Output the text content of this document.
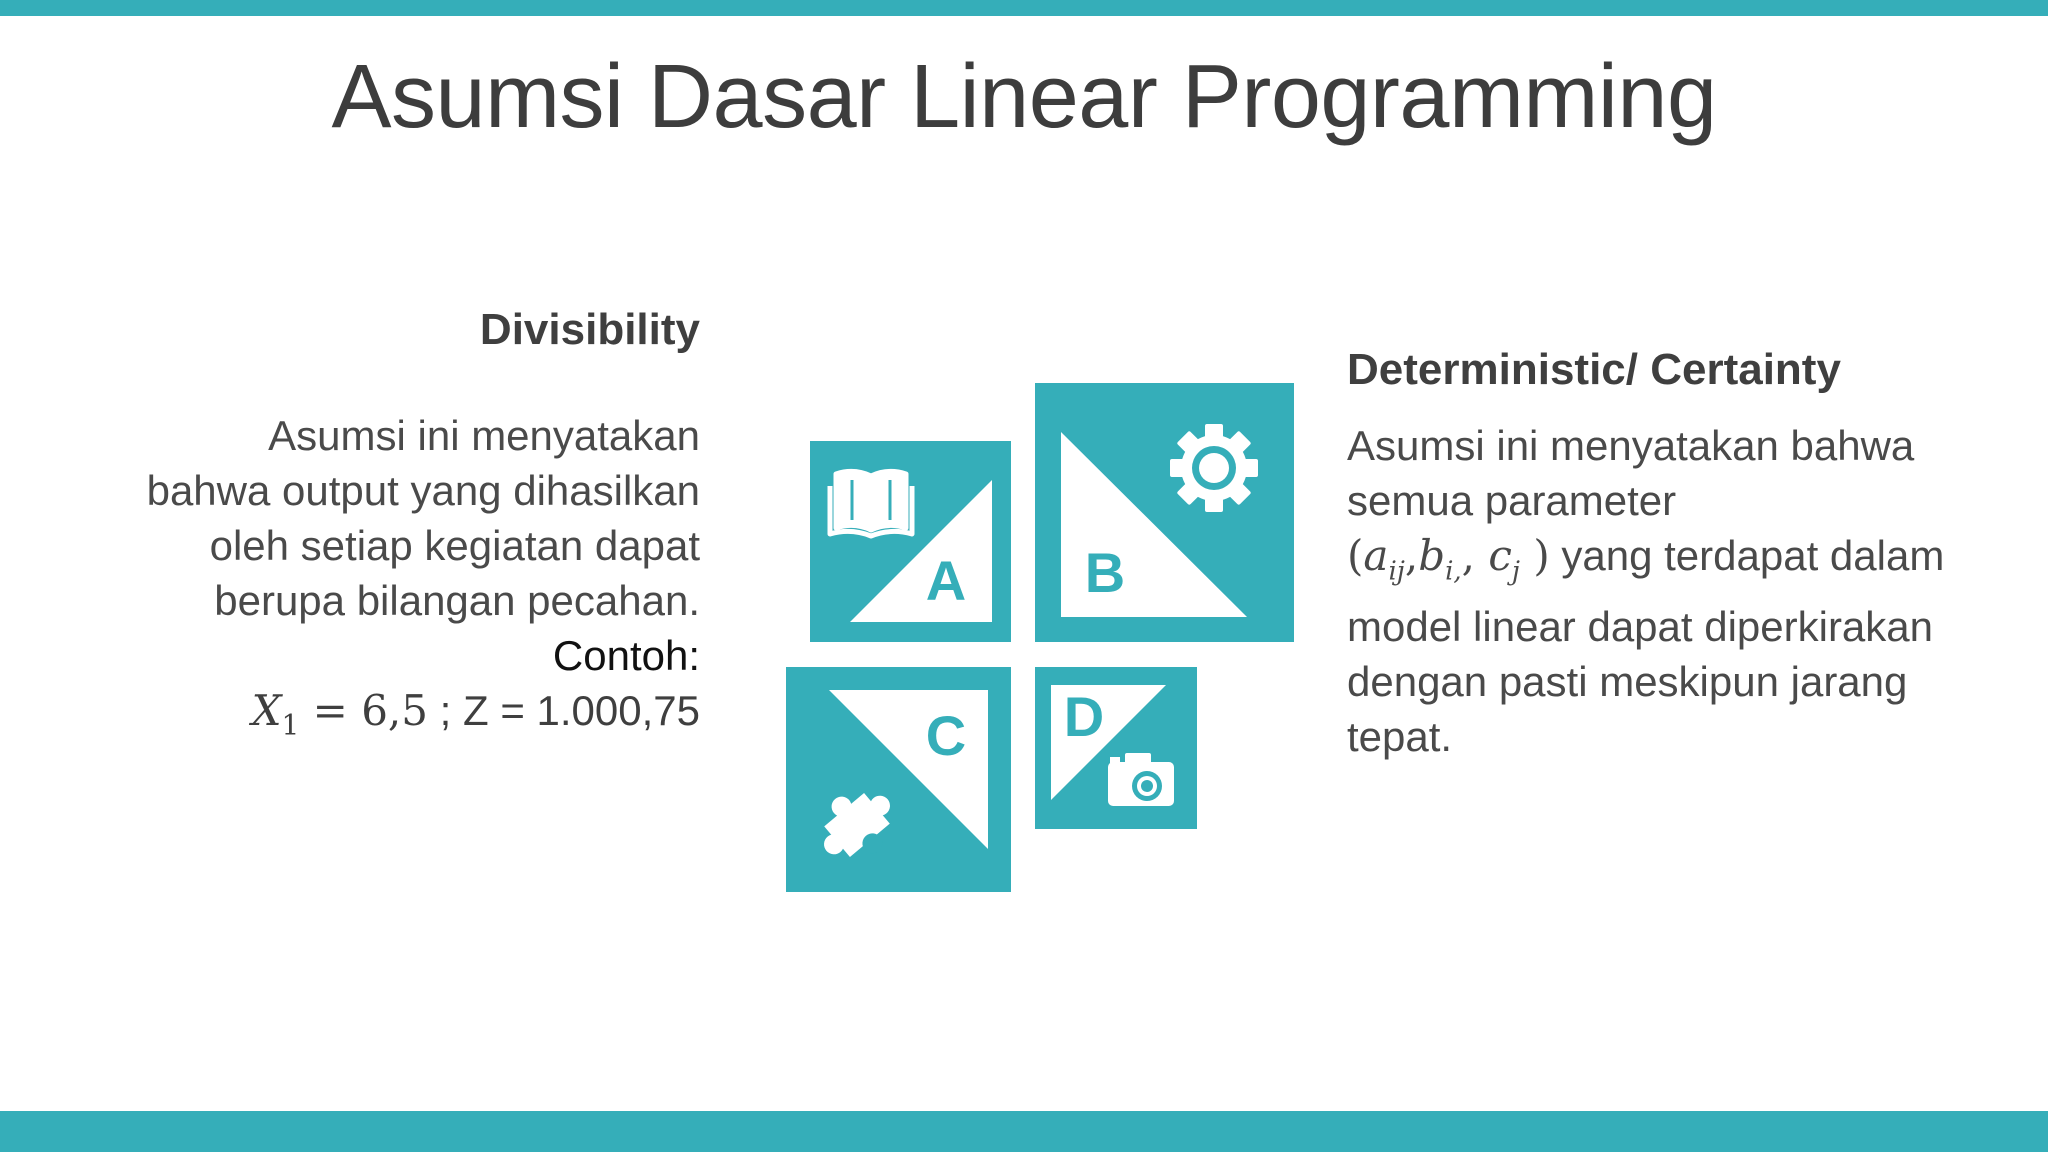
Asumsi Dasar Linear Programming

Divisibility

Asumsi ini menyatakan

bahwa output yang dihasilkan

oleh setiap kegiatan dapat

berupa bilangan pecahan.

Contoh:

$X_1 = 6,5$ ; Z = 1.000,75

Deterministic/ Certainty

Asumsi ini menyatakan bahwa

semua parameter

($a_{ij},b_{i,}$, $c_j$ ) yang terdapat dalam

model linear dapat diperkirakan

dengan pasti meskipun jarang

tepat.

A B
C D
